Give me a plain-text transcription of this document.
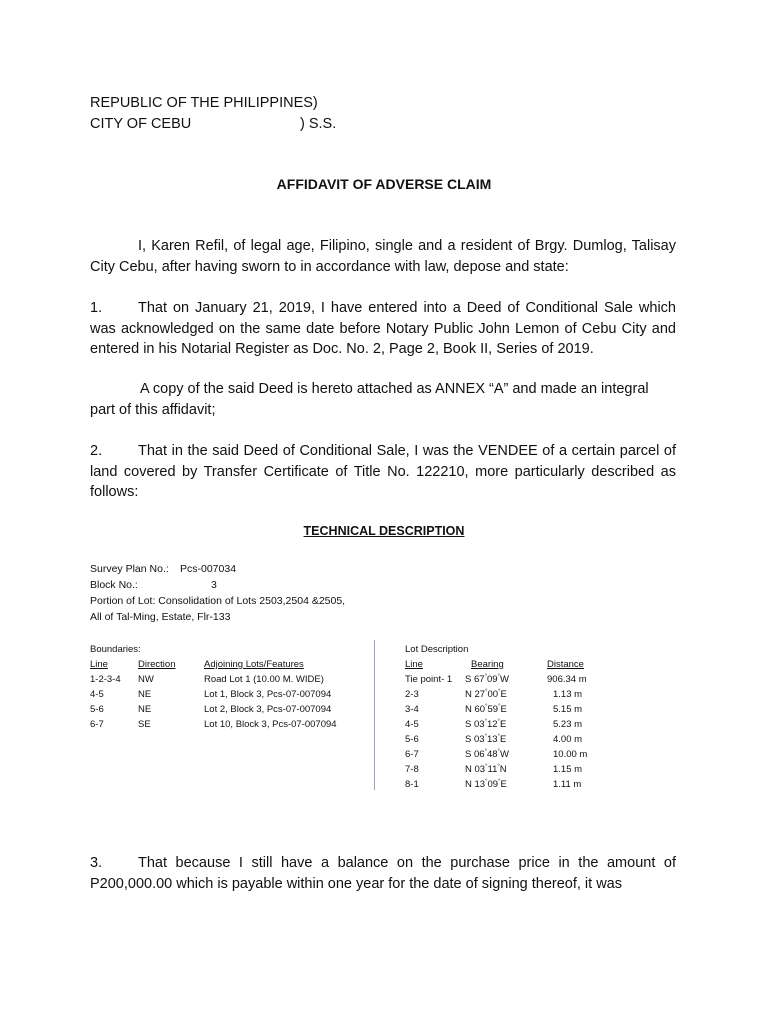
REPUBLIC OF THE PHILIPPINES)
CITY OF CEBU	) S.S.
AFFIDAVIT OF ADVERSE CLAIM
I, Karen Refil, of legal age, Filipino, single and a resident of Brgy. Dumlog, Talisay City Cebu, after having sworn to in accordance with law, depose and state:
1. That on January 21, 2019, I have entered into a Deed of Conditional Sale which was acknowledged on the same date before Notary Public John Lemon of Cebu City and entered in his Notarial Register as Doc. No. 2, Page 2, Book II, Series of 2019.
A copy of the said Deed is hereto attached as ANNEX “A” and made an integral part of this affidavit;
2. That in the said Deed of Conditional Sale, I was the VENDEE of a certain parcel of land covered by Transfer Certificate of Title No. 122210, more particularly described as follows:
TECHNICAL DESCRIPTION
Survey Plan No.: Pcs-007034
Block No.:	3
Portion of Lot: Consolidation of Lots 2503,2504 &2505,
All of Tal-Ming, Estate, Flr-133
Boundaries:		
Line	Direction	Adjoining Lots/Features
1-2-3-4	NW	Road Lot 1 (10.00 M. WIDE)
4-5	NE	Lot 1, Block 3, Pcs-07-007094
5-6	NE	Lot 2, Block 3, Pcs-07-007094
6-7	SE	Lot 10, Block 3, Pcs-07-007094
Lot Description		
Line	Bearing	Distance
Tie point- 1	S 67°09°W	906.34 m
2-3	N 27°00°E	1.13 m
3-4	N 60°59°E	5.15 m
4-5	S 03°12°E	5.23 m
5-6	S 03°13°E	4.00 m
6-7	S 06°48°W	10.00 m
7-8	N 03°11°N	1.15 m
8-1	N 13°09°E	1.11 m
3. That because I still have a balance on the purchase price in the amount of P200,000.00 which is payable within one year for the date of signing thereof, it was
